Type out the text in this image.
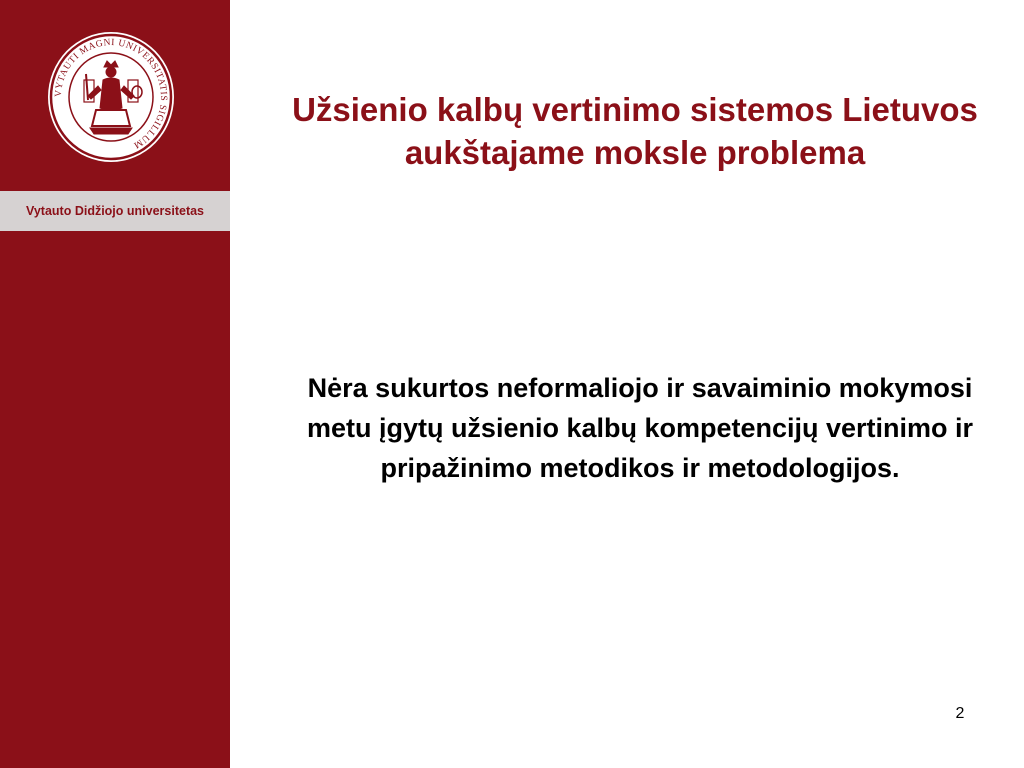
VYTAUTI MAGNI UNIVERSITATIS SIGILLUM
Vytauto Didžiojo universitetas
Užsienio kalbų vertinimo sistemos Lietuvos aukštajame moksle problema

Nėra sukurtos neformaliojo ir savaiminio mokymosi metu įgytų užsienio kalbų kompetencijų vertinimo ir pripažinimo metodikos ir metodologijos.

2
